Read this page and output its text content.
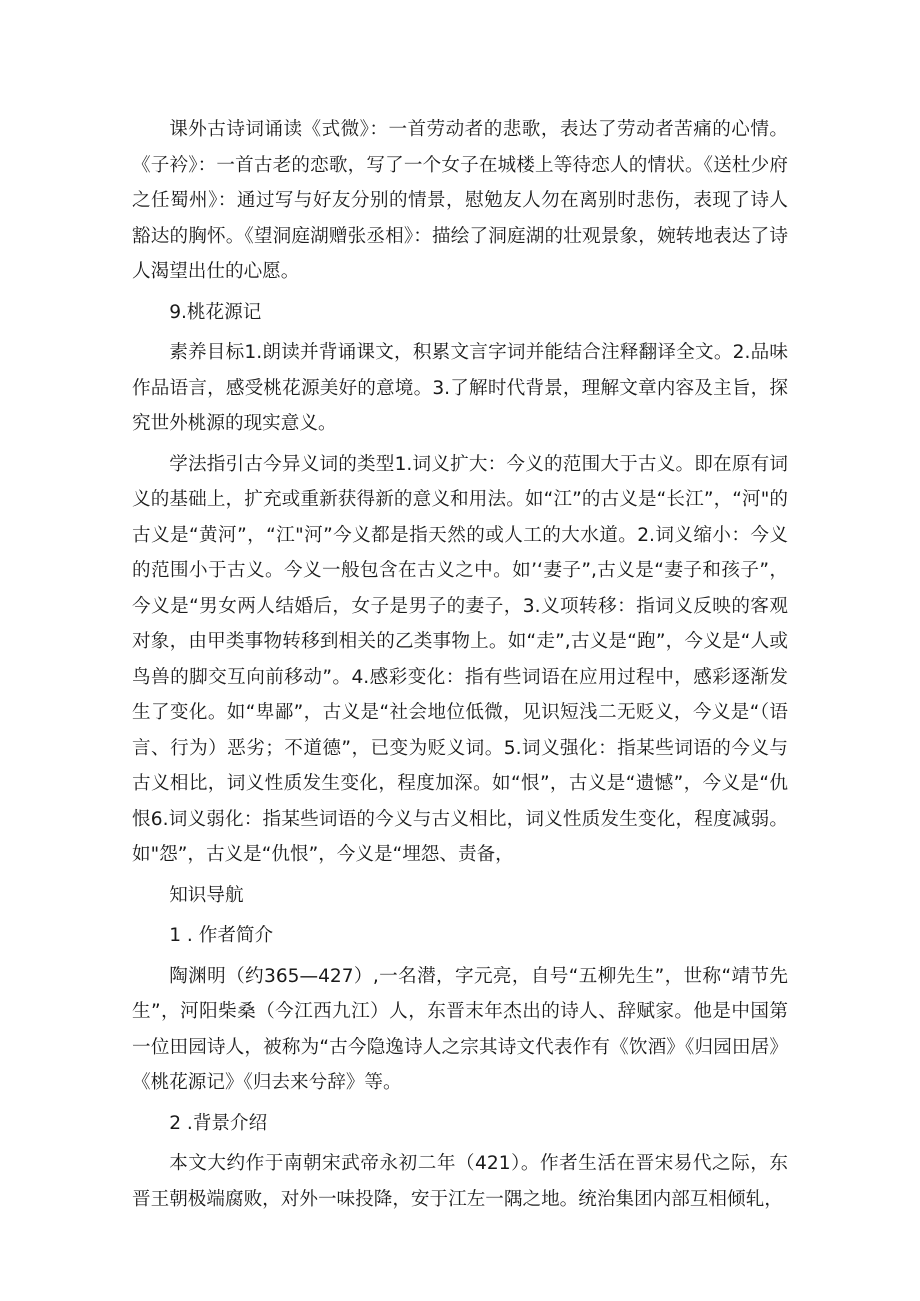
课外古诗词诵读《式微》：一首劳动者的悲歌，表达了劳动者苦痛的心情。《子衿》：一首古老的恋歌，写了一个女子在城楼上等待恋人的情状。《送杜少府之任蜀州》：通过写与好友分别的情景，慰勉友人勿在离别时悲伤，表现了诗人豁达的胸怀。《望洞庭湖赠张丞相》：描绘了洞庭湖的壮观景象，婉转地表达了诗人渴望出仕的心愿。

9.桃花源记

素养目标1.朗读并背诵课文，积累文言字词并能结合注释翻译全文。2.品味作品语言，感受桃花源美好的意境。3.了解时代背景，理解文章内容及主旨，探究世外桃源的现实意义。

学法指引古今异义词的类型1.词义扩大：今义的范围大于古义。即在原有词义的基础上，扩充或重新获得新的意义和用法。如“江”的古义是“长江”，“河"的古义是“黄河”，“江"河”今义都是指天然的或人工的大水道。2.词义缩小：今义的范围小于古义。今义一般包含在古义之中。如’‘妻子”,古义是“妻子和孩子”，今义是“男女两人结婚后，女子是男子的妻子，3.义项转移：指词义反映的客观对象，由甲类事物转移到相关的乙类事物上。如“走”,古义是“跑”，今义是“人或鸟兽的脚交互向前移动”。4.感彩变化：指有些词语在应用过程中，感彩逐渐发生了变化。如“卑鄙”，古义是“社会地位低微，见识短浅二无贬义，今义是“（语言、行为）恶劣；不道德”，已变为贬义词。5.词义强化：指某些词语的今义与古义相比，词义性质发生变化，程度加深。如“恨”，古义是“遗憾”，今义是“仇恨6.词义弱化：指某些词语的今义与古义相比，词义性质发生变化，程度减弱。如"怨”，古义是“仇恨”，今义是“埋怨、责备，

知识导航

1 . 作者简介

陶渊明（约365—427）,一名潜，字元亮，自号“五柳先生”，世称“靖节先生”，河阳柴桑（今江西九江）人，东晋末年杰出的诗人、辞赋家。他是中国第一位田园诗人，被称为“古今隐逸诗人之宗其诗文代表作有《饮酒》《归园田居》《桃花源记》《归去来兮辞》等。

2 .背景介绍

本文大约作于南朝宋武帝永初二年（421）。作者生活在晋宋易代之际，东晋王朝极端腐败，对外一味投降，安于江左一隅之地。统治集团内部互相倾轧，
